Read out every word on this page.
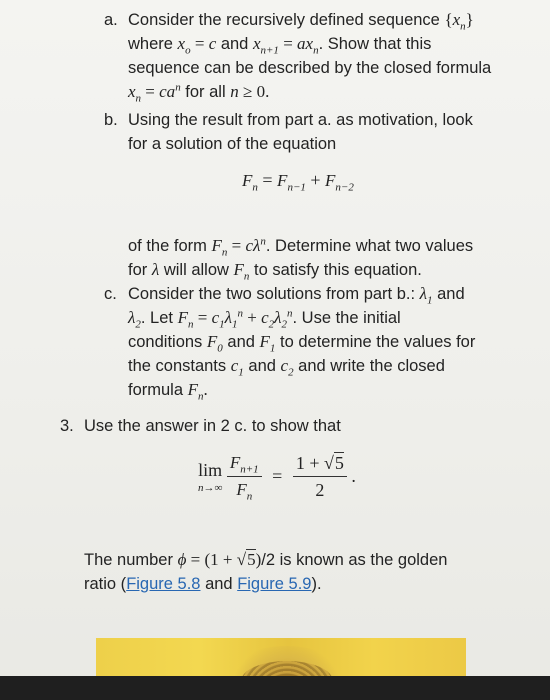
a. Consider the recursively defined sequence $\{x_n\}$
where $x_o = c$ and $x_{n+1} = ax_n$. Show that this
sequence can be described by the closed formula
$x_n = ca^n$ for all n ≥ 0.
b. Using the result from part a. as motivation, look
for a solution of the equation
$F_n = F_{n-1} + F_{n-2}$
of the form $F_n = c\lambda^n$. Determine what two values
for λ will allow $F_n$ to satisfy this equation.
c. Consider the two solutions from part b.: $\lambda_1$ and
$\lambda_2$. Let $F_n = c_1\lambda_1^n + c_2\lambda_2^n$. Use the initial
conditions $F_0$ and $F_1$ to determine the values for
the constants $c_1$ and $c_2$ and write the closed
formula $F_n$.
3. Use the answer in 2 c. to show that
lim
n→∞
$\frac{F_{n+1}}{F_n} = \frac{1 + √5}{2}$ .
The number ϕ = (1 + √5)/2 is known as the golden
ratio (Figure 5.8 and Figure 5.9).
